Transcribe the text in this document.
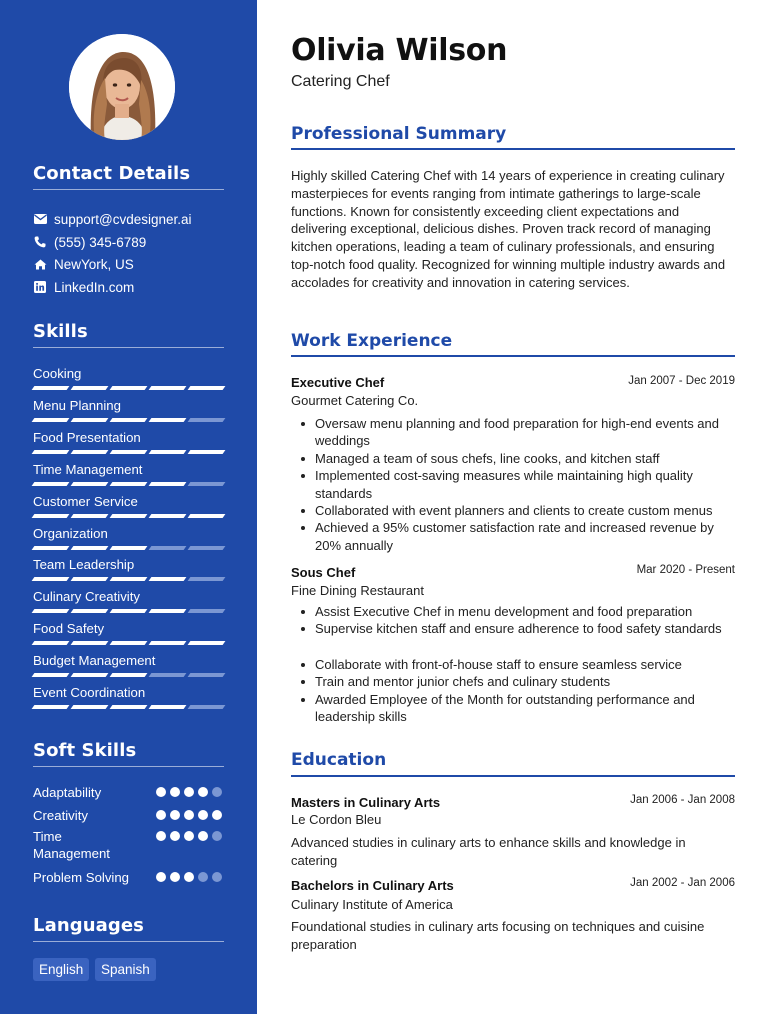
Contact Details
support@cvdesigner.ai
(555) 345-6789
NewYork, US
LinkedIn.com
Skills
Cooking
Menu Planning
Food Presentation
Time Management
Customer Service
Organization
Team Leadership
Culinary Creativity
Food Safety
Budget Management
Event Coordination
Soft Skills
Adaptability
Creativity
Time Management
Problem Solving
Languages
English	Spanish
Olivia Wilson
Catering Chef
Professional Summary
Highly skilled Catering Chef with 14 years of experience in creating culinary masterpieces for events ranging from intimate gatherings to large-scale functions. Known for consistently exceeding client expectations and delivering exceptional, delicious dishes. Proven track record of managing kitchen operations, leading a team of culinary professionals, and ensuring top-notch food quality. Recognized for winning multiple industry awards and accolades for creativity and innovation in catering services.
Work Experience
Executive Chef	Jan 2007 - Dec 2019
Gourmet Catering Co.
Oversaw menu planning and food preparation for high-end events and weddings
Managed a team of sous chefs, line cooks, and kitchen staff
Implemented cost-saving measures while maintaining high quality standards
Collaborated with event planners and clients to create custom menus
Achieved a 95% customer satisfaction rate and increased revenue by 20% annually
Sous Chef	Mar 2020 - Present
Fine Dining Restaurant
Assist Executive Chef in menu development and food preparation
Supervise kitchen staff and ensure adherence to food safety standards
Collaborate with front-of-house staff to ensure seamless service
Train and mentor junior chefs and culinary students
Awarded Employee of the Month for outstanding performance and leadership skills
Education
Masters in Culinary Arts	Jan 2006 - Jan 2008
Le Cordon Bleu
Advanced studies in culinary arts to enhance skills and knowledge in catering
Bachelors in Culinary Arts	Jan 2002 - Jan 2006
Culinary Institute of America
Foundational studies in culinary arts focusing on techniques and cuisine preparation
